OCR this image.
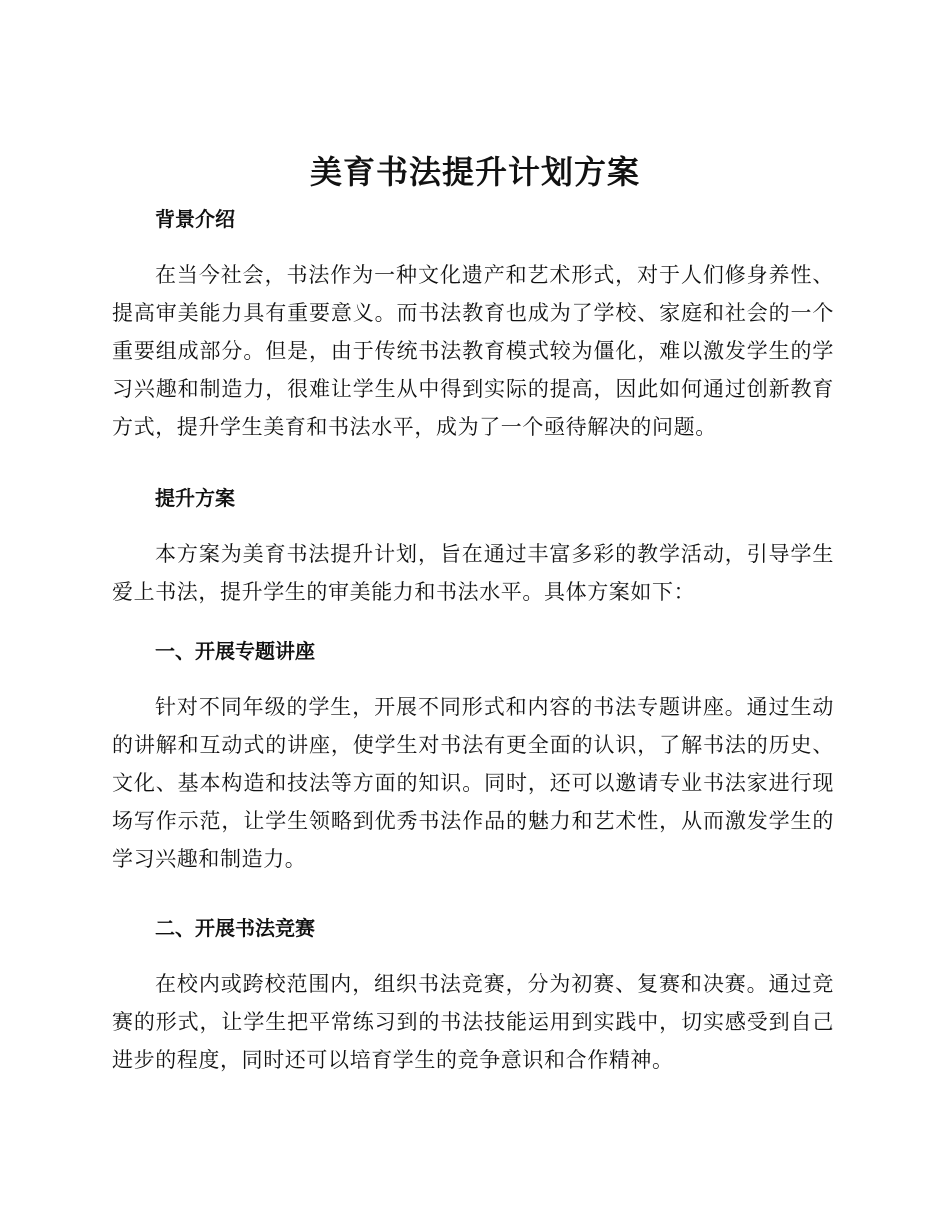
美育书法提升计划方案
背景介绍

在当今社会，书法作为一种文化遗产和艺术形式，对于人们修身养性、提高审美能力具有重要意义。而书法教育也成为了学校、家庭和社会的一个重要组成部分。但是，由于传统书法教育模式较为僵化，难以激发学生的学习兴趣和制造力，很难让学生从中得到实际的提高，因此如何通过创新教育方式，提升学生美育和书法水平，成为了一个亟待解决的问题。

提升方案

本方案为美育书法提升计划，旨在通过丰富多彩的教学活动，引导学生爱上书法，提升学生的审美能力和书法水平。具体方案如下：

一、开展专题讲座

针对不同年级的学生，开展不同形式和内容的书法专题讲座。通过生动的讲解和互动式的讲座，使学生对书法有更全面的认识，了解书法的历史、文化、基本构造和技法等方面的知识。同时，还可以邀请专业书法家进行现场写作示范，让学生领略到优秀书法作品的魅力和艺术性，从而激发学生的学习兴趣和制造力。

二、开展书法竞赛

在校内或跨校范围内，组织书法竞赛，分为初赛、复赛和决赛。通过竞赛的形式，让学生把平常练习到的书法技能运用到实践中，切实感受到自己进步的程度，同时还可以培育学生的竞争意识和合作精神。
